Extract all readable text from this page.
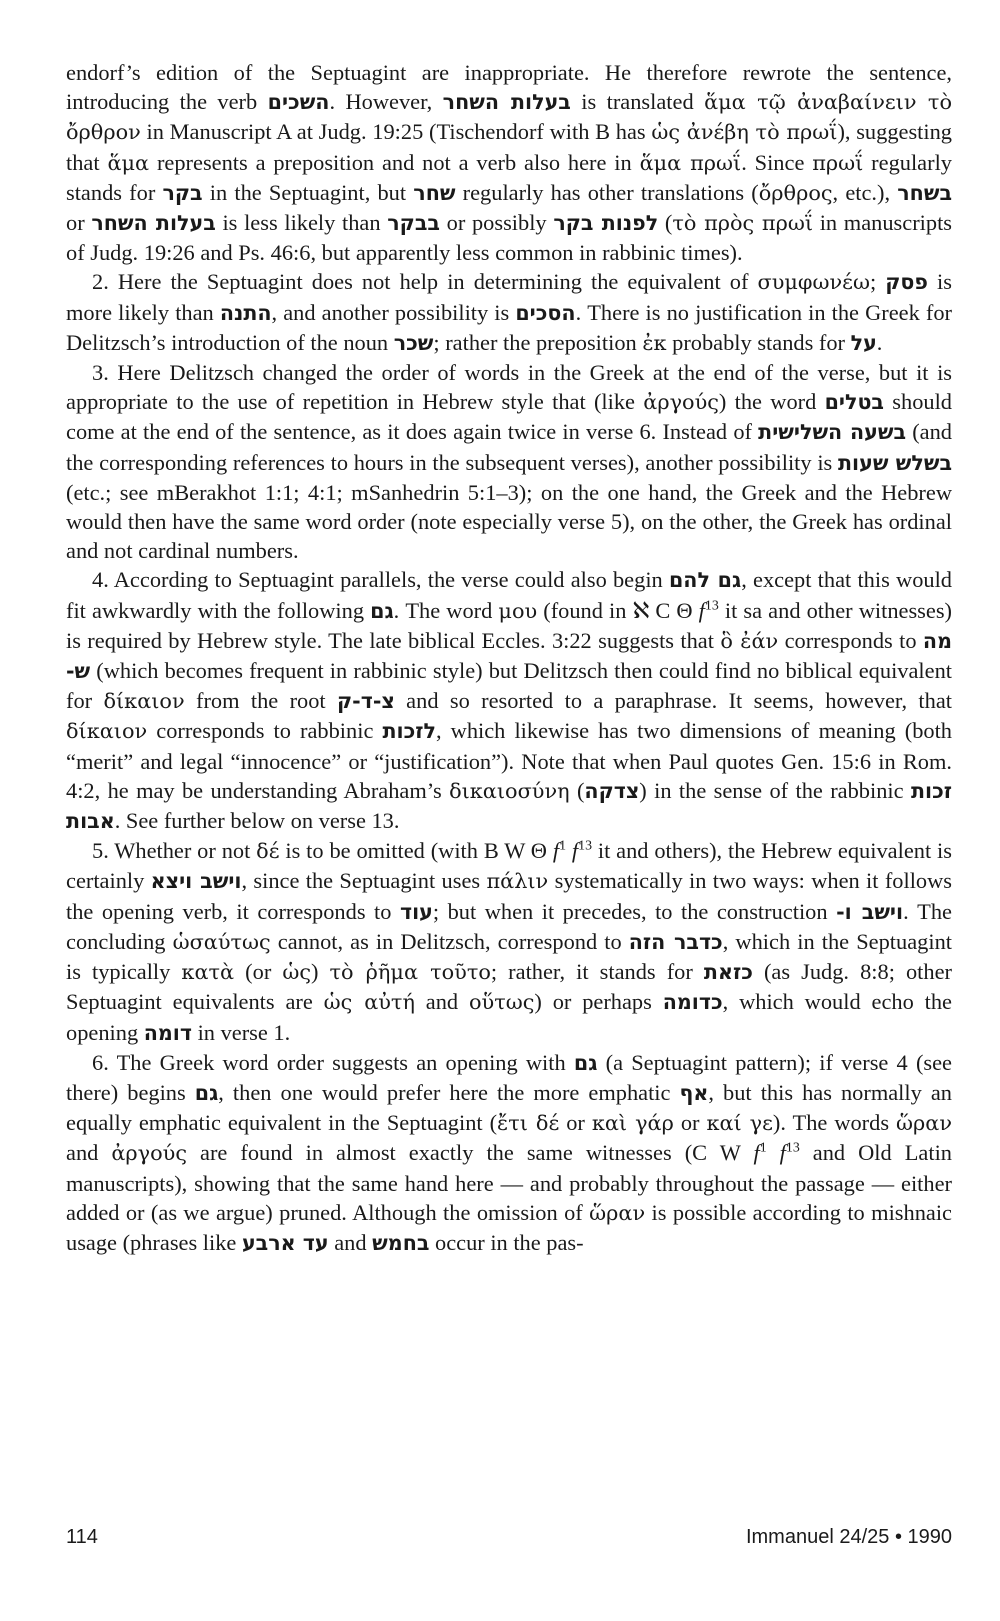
endorf’s edition of the Septuagint are inappropriate. He therefore rewrote the sentence, introducing the verb השכים. However, בעלות השחר is translated ἅμα τῷ ἀναβαίνειν τὸ ὄρθρον in Manuscript A at Judg. 19:25 (Tischendorf with B has ὡς ἀνέβη τὸ πρωΐ), suggesting that ἅμα represents a preposition and not a verb also here in ἅμα πρωΐ. Since πρωΐ regularly stands for בקר in the Septuagint, but שחר regularly has other translations (ὄρθρος, etc.), בשחר or בעלות השחר is less likely than בבקר or possibly לפנות בקר (τὸ πρὸς πρωΐ in manuscripts of Judg. 19:26 and Ps. 46:6, but apparently less common in rabbinic times).

2. Here the Septuagint does not help in determining the equivalent of συμφωνέω; פסק is more likely than התנה, and another possibility is הסכים. There is no justification in the Greek for Delitzsch’s introduction of the noun שכר; rather the preposition ἐκ probably stands for על.

3. Here Delitzsch changed the order of words in the Greek at the end of the verse, but it is appropriate to the use of repetition in Hebrew style that (like ἀργούς) the word בטלים should come at the end of the sentence, as it does again twice in verse 6. Instead of בשעה השלישית (and the corresponding references to hours in the subsequent verses), another possibility is בשלש שעות (etc.; see mBerakhot 1:1; 4:1; mSanhedrin 5:1–3); on the one hand, the Greek and the Hebrew would then have the same word order (note especially verse 5), on the other, the Greek has ordinal and not cardinal numbers.

4. According to Septuagint parallels, the verse could also begin גם להם, except that this would fit awkwardly with the following גם. The word μου (found in ℵ C Θ $f^{13}$ it sa and other witnesses) is required by Hebrew style. The late biblical Eccles. 3:22 suggests that ὃ ἐάν corresponds to מה ש- (which becomes frequent in rabbinic style) but Delitzsch then could find no biblical equivalent for δίκαιον from the root צ-ד-ק and so resorted to a paraphrase. It seems, however, that δίκαιον corresponds to rabbinic לזכות, which likewise has two dimensions of meaning (both “merit” and legal “innocence” or “justification”). Note that when Paul quotes Gen. 15:6 in Rom. 4:2, he may be understanding Abraham’s δικαιοσύνη (צדקה) in the sense of the rabbinic זכות אבות. See further below on verse 13.

5. Whether or not δέ is to be omitted (with B W Θ $f^1$ $f^{13}$ it and others), the Hebrew equivalent is certainly וישב ויצא, since the Septuagint uses πάλιν systematically in two ways: when it follows the opening verb, it corresponds to עוד; but when it precedes, to the construction וישב ו-. The concluding ὡσαύτως cannot, as in Delitzsch, correspond to כדבר הזה, which in the Septuagint is typically κατὰ (or ὡς) τὸ ῥῆμα τοῦτο; rather, it stands for כזאת (as Judg. 8:8; other Septuagint equivalents are ὡς αὐτή and οὕτως) or perhaps כדומה, which would echo the opening דומה in verse 1.

6. The Greek word order suggests an opening with גם (a Septuagint pattern); if verse 4 (see there) begins גם, then one would prefer here the more emphatic אף, but this has normally an equally emphatic equivalent in the Septuagint (ἔτι δέ or καὶ γάρ or καί γε). The words ὥραν and ἀργούς are found in almost exactly the same witnesses (C W $f^1$ $f^{13}$ and Old Latin manuscripts), showing that the same hand here — and probably throughout the passage — either added or (as we argue) pruned. Although the omission of ὥραν is possible according to mishnaic usage (phrases like עד ארבע and בחמש occur in the pas-

114	Immanuel 24/25 • 1990
